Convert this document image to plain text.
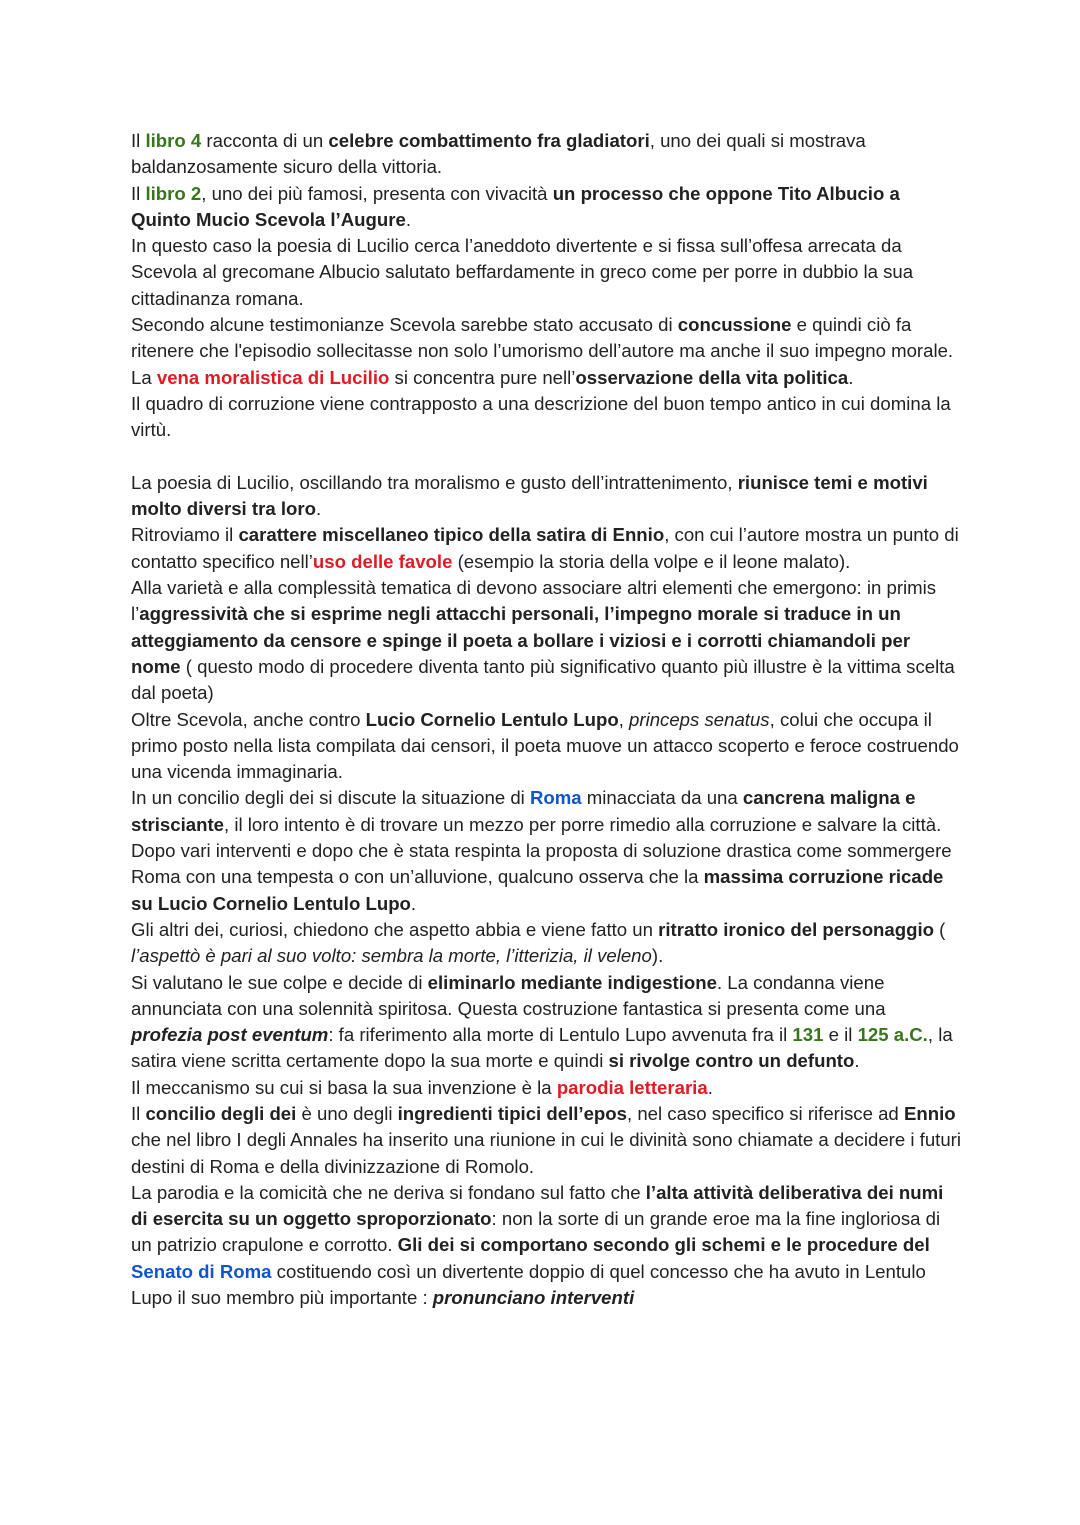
Il libro 4 racconta di un celebre combattimento fra gladiatori, uno dei quali si mostrava baldanzosamente sicuro della vittoria.

Il libro 2, uno dei più famosi, presenta con vivacità un processo che oppone Tito Albucio a Quinto Mucio Scevola l’Augure.

In questo caso la poesia di Lucilio cerca l’aneddoto divertente e si fissa sull’offesa arrecata da Scevola al grecomane Albucio salutato beffardamente in greco come per porre in dubbio la sua cittadinanza romana.

Secondo alcune testimonianze Scevola sarebbe stato accusato di concussione e quindi ciò fa ritenere che l'episodio sollecitasse non solo l’umorismo dell’autore ma anche il suo impegno morale.

La vena moralistica di Lucilio si concentra pure nell’osservazione della vita politica.

Il quadro di corruzione viene contrapposto a una descrizione del buon tempo antico in cui domina la virtù.

La poesia di Lucilio, oscillando tra moralismo e gusto dell’intrattenimento, riunisce temi e motivi molto diversi tra loro.

Ritroviamo il carattere miscellaneo tipico della satira di Ennio, con cui l’autore mostra un punto di contatto specifico nell’uso delle favole (esempio la storia della volpe e il leone malato).

Alla varietà e alla complessità tematica di devono associare altri elementi che emergono: in primis l’aggressività che si esprime negli attacchi personali, l’impegno morale si traduce in un atteggiamento da censore e spinge il poeta a bollare i viziosi e i corrotti chiamandoli per nome ( questo modo di procedere diventa tanto più significativo quanto più illustre è la vittima scelta dal poeta)

Oltre Scevola, anche contro Lucio Cornelio Lentulo Lupo, princeps senatus, colui che occupa il primo posto nella lista compilata dai censori, il poeta muove un attacco scoperto e feroce costruendo una vicenda immaginaria.

In un concilio degli dei si discute la situazione di Roma minacciata da una cancrena maligna e strisciante, il loro intento è di trovare un mezzo per porre rimedio alla corruzione e salvare la città. Dopo vari interventi e dopo che è stata respinta la proposta di soluzione drastica come sommergere Roma con una tempesta o con un’alluvione, qualcuno osserva che la massima corruzione ricade su Lucio Cornelio Lentulo Lupo.

Gli altri dei, curiosi, chiedono che aspetto abbia e viene fatto un ritratto ironico del personaggio ( l’aspettò è pari al suo volto: sembra la morte, l’itterizia, il veleno).

Si valutano le sue colpe e decide di eliminarlo mediante indigestione. La condanna viene annunciata con una solennità spiritosa. Questa costruzione fantastica si presenta come una profezia post eventum: fa riferimento alla morte di Lentulo Lupo avvenuta fra il 131 e il 125 a.C., la satira viene scritta certamente dopo la sua morte e quindi si rivolge contro un defunto.

Il meccanismo su cui si basa la sua invenzione è la parodia letteraria.

Il concilio degli dei è uno degli ingredienti tipici dell’epos, nel caso specifico si riferisce ad Ennio che nel libro I degli Annales ha inserito una riunione in cui le divinità sono chiamate a decidere i futuri destini di Roma e della divinizzazione di Romolo.

La parodia e la comicità che ne deriva si fondano sul fatto che l’alta attività deliberativa dei numi di esercita su un oggetto sproporzionato: non la sorte di un grande eroe ma la fine ingloriosa di un patrizio crapulone e corrotto. Gli dei si comportano secondo gli schemi e le procedure del Senato di Roma costituendo così un divertente doppio di quel concesso che ha avuto in Lentulo Lupo il suo membro più importante : pronunciano interventi
